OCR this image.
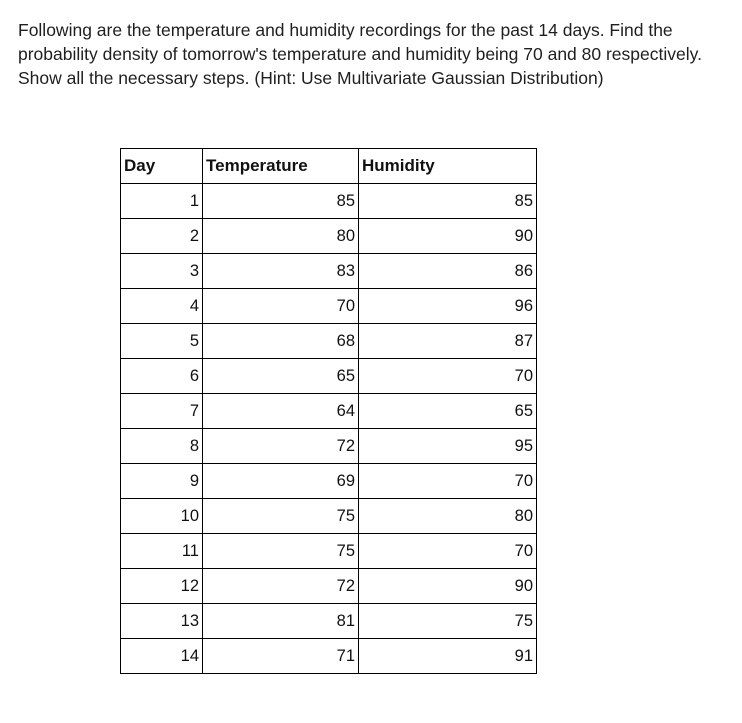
Following are the temperature and humidity recordings for the past 14 days. Find the probability density of tomorrow's temperature and humidity being 70 and 80 respectively. Show all the necessary steps. (Hint: Use Multivariate Gaussian Distribution)

Day	Temperature	Humidity
1	85	85
2	80	90
3	83	86
4	70	96
5	68	87
6	65	70
7	64	65
8	72	95
9	69	70
10	75	80
11	75	70
12	72	90
13	81	75
14	71	91
